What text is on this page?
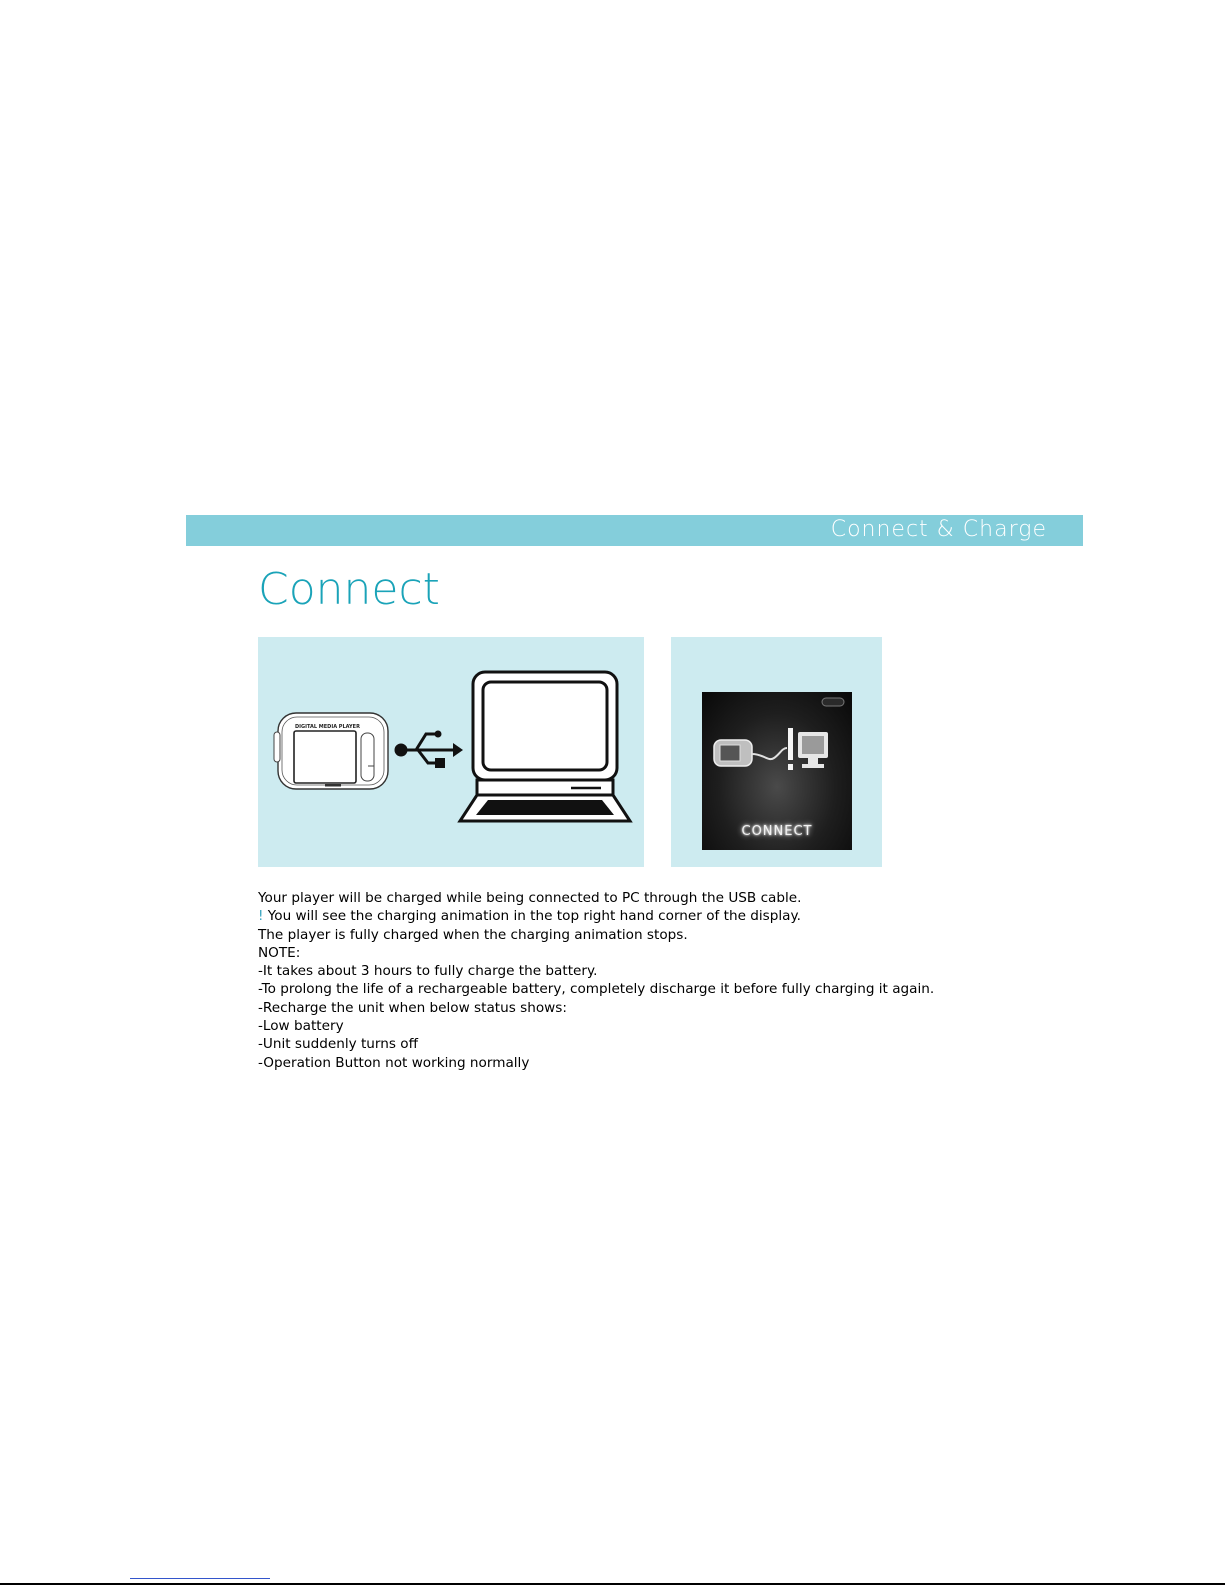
Connect & Charge
Connect
DIGITAL MEDIA PLAYER
CONNECT

Your player will be charged while being connected to PC through the USB cable.

! You will see the charging animation in the top right hand corner of the display.

The player is fully charged when the charging animation stops.

NOTE:

-It takes about 3 hours to fully charge the battery.

-To prolong the life of a rechargeable battery, completely discharge it before fully charging it again.

-Recharge the unit when below status shows:

-Low battery

-Unit suddenly turns off

-Operation Button not working normally
